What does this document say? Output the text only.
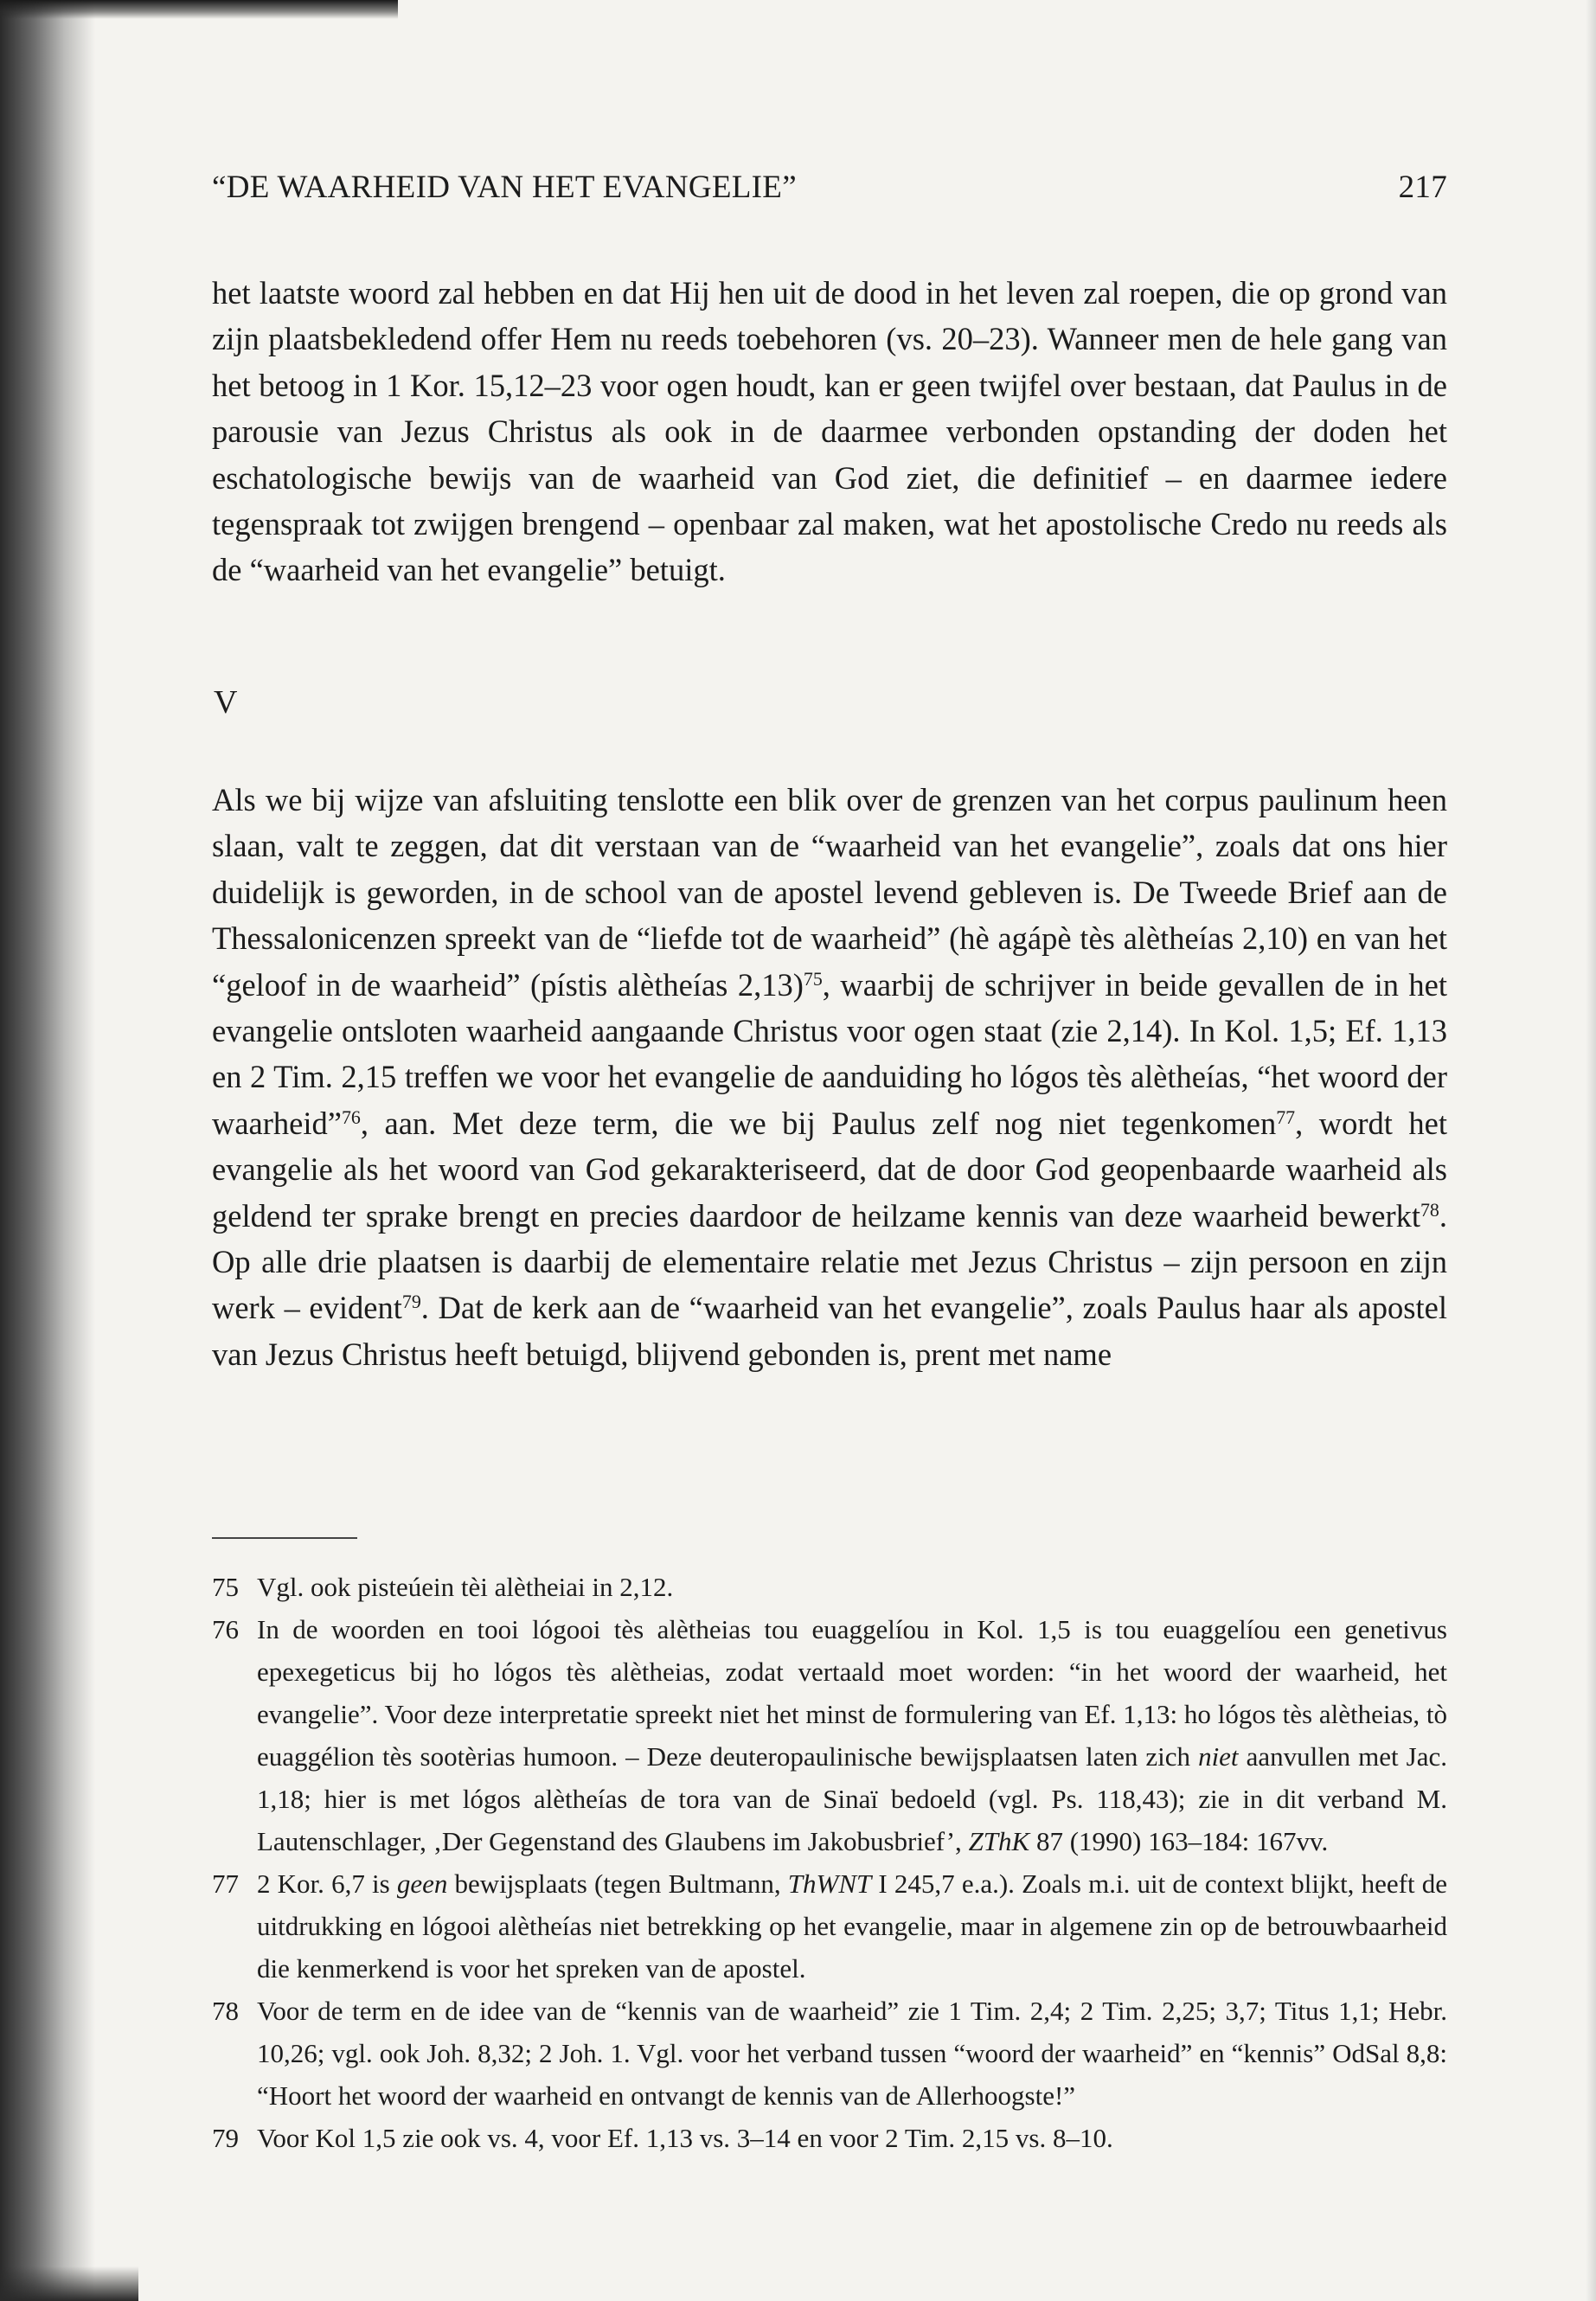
“DE WAARHEID VAN HET EVANGELIE”	217

het laatste woord zal hebben en dat Hij hen uit de dood in het leven zal roepen, die op grond van zijn plaatsbekledend offer Hem nu reeds toebehoren (vs. 20–23). Wanneer men de hele gang van het betoog in 1 Kor. 15,12–23 voor ogen houdt, kan er geen twijfel over bestaan, dat Paulus in de parousie van Jezus Christus als ook in de daarmee verbonden opstanding der doden het eschatologische bewijs van de waarheid van God ziet, die definitief – en daarmee iedere tegenspraak tot zwijgen brengend – openbaar zal maken, wat het apostolische Credo nu reeds als de “waarheid van het evangelie” betuigt.

V

Als we bij wijze van afsluiting tenslotte een blik over de grenzen van het corpus paulinum heen slaan, valt te zeggen, dat dit verstaan van de “waarheid van het evangelie”, zoals dat ons hier duidelijk is geworden, in de school van de apostel levend gebleven is. De Tweede Brief aan de Thessalonicenzen spreekt van de “liefde tot de waarheid” (hè agápè tès alètheías 2,10) en van het “geloof in de waarheid” (pístis alètheías 2,13)$^{75}$, waarbij de schrijver in beide gevallen de in het evangelie ontsloten waarheid aangaande Christus voor ogen staat (zie 2,14). In Kol. 1,5; Ef. 1,13 en 2 Tim. 2,15 treffen we voor het evangelie de aanduiding ho lógos tès alètheías, “het woord der waarheid”$^{76}$, aan. Met deze term, die we bij Paulus zelf nog niet tegenkomen$^{77}$, wordt het evangelie als het woord van God gekarakteriseerd, dat de door God geopenbaarde waarheid als geldend ter sprake brengt en precies daardoor de heilzame kennis van deze waarheid bewerkt$^{78}$. Op alle drie plaatsen is daarbij de elementaire relatie met Jezus Christus – zijn persoon en zijn werk – evident$^{79}$. Dat de kerk aan de “waarheid van het evangelie”, zoals Paulus haar als apostel van Jezus Christus heeft betuigd, blijvend gebonden is, prent met name

75 Vgl. ook pisteúein tèi alètheiai in 2,12.
76 In de woorden en tooi lógooi tès alètheias tou euaggelíou in Kol. 1,5 is tou euaggelíou een genetivus epexegeticus bij ho lógos tès alètheias, zodat vertaald moet worden: “in het woord der waarheid, het evangelie”. Voor deze interpretatie spreekt niet het minst de formulering van Ef. 1,13: ho lógos tès alètheias, tò euaggélion tès sootèrias humoon. – Deze deuteropaulinische bewijsplaatsen laten zich niet aanvullen met Jac. 1,18; hier is met lógos alètheías de tora van de Sinaï bedoeld (vgl. Ps. 118,43); zie in dit verband M. Lautenschlager, ‚Der Gegenstand des Glaubens im Jakobusbrief’, ZThK 87 (1990) 163–184: 167vv.
77 2 Kor. 6,7 is geen bewijsplaats (tegen Bultmann, ThWNT I 245,7 e.a.). Zoals m.i. uit de context blijkt, heeft de uitdrukking en lógooi alètheías niet betrekking op het evangelie, maar in algemene zin op de betrouwbaarheid die kenmerkend is voor het spreken van de apostel.
78 Voor de term en de idee van de “kennis van de waarheid” zie 1 Tim. 2,4; 2 Tim. 2,25; 3,7; Titus 1,1; Hebr. 10,26; vgl. ook Joh. 8,32; 2 Joh. 1. Vgl. voor het verband tussen “woord der waarheid” en “kennis” OdSal 8,8: “Hoort het woord der waarheid en ontvangt de kennis van de Allerhoogste!”
79 Voor Kol 1,5 zie ook vs. 4, voor Ef. 1,13 vs. 3–14 en voor 2 Tim. 2,15 vs. 8–10.
